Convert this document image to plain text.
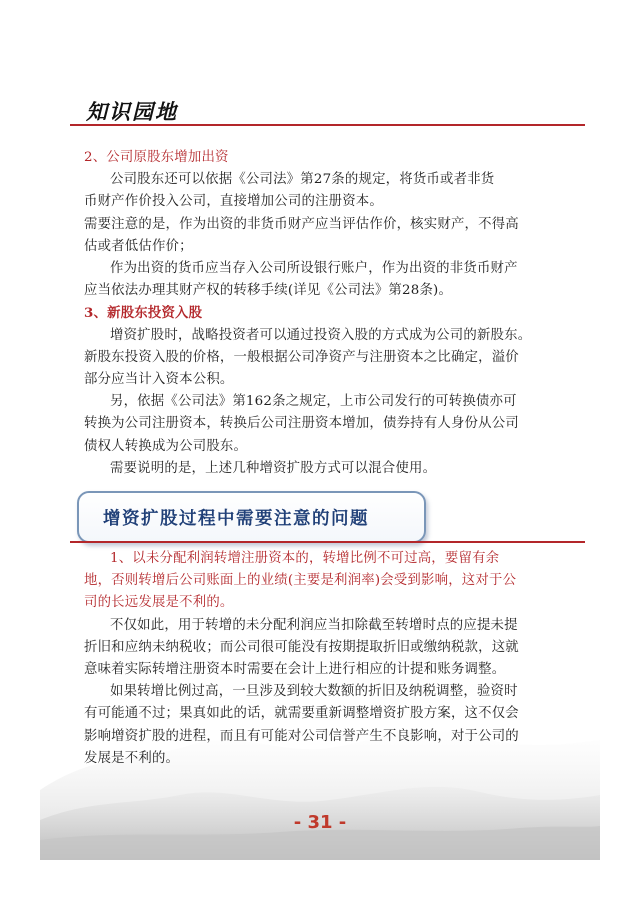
知识园地
2、公司原股东增加出资
公司股东还可以依据《公司法》第27条的规定，将货币或者非货
币财产作价投入公司，直接增加公司的注册资本。
需要注意的是，作为出资的非货币财产应当评估作价，核实财产，不得高
估或者低估作价；
作为出资的货币应当存入公司所设银行账户，作为出资的非货币财产
应当依法办理其财产权的转移手续(详见《公司法》第28条)。
3、新股东投资入股
增资扩股时，战略投资者可以通过投资入股的方式成为公司的新股东。
新股东投资入股的价格，一般根据公司净资产与注册资本之比确定，溢价
部分应当计入资本公积。
另，依据《公司法》第162条之规定，上市公司发行的可转换债亦可
转换为公司注册资本，转换后公司注册资本增加，债券持有人身份从公司
债权人转换成为公司股东。
需要说明的是，上述几种增资扩股方式可以混合使用。
增资扩股过程中需要注意的问题
1、以未分配利润转增注册资本的，转增比例不可过高，要留有余
地，否则转增后公司账面上的业绩(主要是利润率)会受到影响，这对于公
司的长远发展是不利的。
不仅如此，用于转增的未分配利润应当扣除截至转增时点的应提未提
折旧和应纳未纳税收；而公司很可能没有按期提取折旧或缴纳税款，这就
意味着实际转增注册资本时需要在会计上进行相应的计提和账务调整。
如果转增比例过高，一旦涉及到较大数额的折旧及纳税调整，验资时
有可能通不过；果真如此的话，就需要重新调整增资扩股方案，这不仅会
影响增资扩股的进程，而且有可能对公司信誉产生不良影响，对于公司的
发展是不利的。
- 31 -
